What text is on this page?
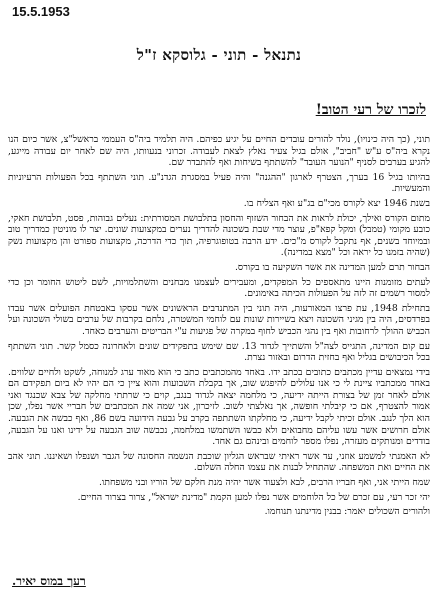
15.5.1953
נתנאל - תוני - גלוסקא ז"ל
לזכרו של רעי הטוב!

תוני, (כך היה כינויו), נולד להורים עובדים החיים על יגיע כפיהם. היה תלמיד ביה"ס העממי בראשל"צ, אשר כיום הנו נקרא ביה"ס ע"ש "חביב", אולם בגיל צעיר נאלץ לצאת לעבודה. זכרוני בנעוותו, היה שם לאחר יום עבודה מייגע, להגיע בערבים לסניף "הנוער העובד" להשתתף בשיחות ואף להתבדר שם.

בהיותו בגיל 16 בערך, הצטרף לארגון "ההגנה" והיה פעיל במסגרת הגדנ"ע. תוני השתתף בכל הפעולות הרעיוניות והמעשיות.

בשנת 1946 יצא לקורס מכי"ם בג"ע ואף הצליח בו.

מתום הקורס ואילך, יכולת לראות את הבחור השזוף והחסון בתלבושת המסורתית: נעלים גבוהות, פסט, תלבושת חאקי, כובע מקומי (טמבל) ומקל קפא"פ, עוצר מדי שבת בשכונה להדריך נערים במקצועות שונים. יצר לו מוניטין כמדריך טוב ובמיוחד בשנים, אף נתקבל לקורס מ"כים. ידע הרבה בטופוגרפיה, תוך כדי הדרכה, מקצועות ספורט והן מקצועות נשק (שהיה בזמנו כל יראה וכל "מצא במדינה).

הבחור תרם למען המדינה את אשר השקיעה בו בקורס.

לעתים מזומנות היינו מתאספים כל המפקדים, ומעבירים לעצמנו מבחנים והשתלמויות, לשם ליטוש החומר וכן כדי למסור רשמים זה לזה על הפעולות הכיתה באימונים.

בתחילת 1948, עת פרצו המאורעות, היה תוני בין המתנדבים הראשונים אשר עסקו באבטחת הפועלים אשר עבדו בפרדסים, היה בין מגיני השכונה ויצא בשיירות שונות עם לוחמי המשטרה, נלחם בקרבות של ערבים בשולי השכונה ועל הכביש ההולך לרחובות ואף בין נהגי הכביש לחוף במקרה של פגיעות ע"י הבריטים והערבים כאחד.

עם קום המדינה, התגייס לצה"ל והשתייך לגדוד 13. שם שימש בתפקידים שונים ולאחרונה כסמל קשר. תוני השתתף בכל הכיבושים בגליל ואף בחזית הדרום ובאזור נצרת.

בידי נמצאים עדיין מכתבים כתובים בכתב ידו. באחד מהמכתבים כתב כי הוא מאוד ערג למנוחה, לשקט ולחיים שלווים. באחד ממכתביו ציינת לי כי אנו עלולים להיפגש שוב, אך בקבלת השבועות והוא ציין כי הם יהיו לא ביום תפקידם הם אולם לאחר זמן של בצורת הייתה ידיעה, כי מלחמה יצאה לגדוד בנגב, קוים כי שרתתי מחלקה של צבא שכנגד ואני אמור להצטרף, אם כי קיבלתי חופשה, אך נאלצתי לשוב. לזיכרון, אני שמה את המכתבים של חבריי אשר נפלו, שכן הוא הלך לנגב. אולם זכיתי לקבל ידיעה, כי מחלקתו השתתפה בקרב על גבעה הידועה בשם 86, ואף כבשה את הגבעה. אולם חרושים אשר עשו עליהם מחבואים ולא כבשו השתמשו במלחמה, נכבשה שוב הגבעה על ידינו ואנו על הגבעה, בודדים ומנותקים מעזרה, נפלו מספר לוחמים ובינהם גם אחד.

לא האמנתי למשמע אוזני, עד אשר ראיתי שבראש הגליון שוכבת הנשמה החסונה של הגבר ושנפלו ושאיננו. תוני אהב את החיים ואת המשפחה. שהתחיל לבנות את עצמו החלה השלום.

שמח הייתי אני, ואף חבריו הרבים, לבא ולצעוד אשר יהיה מנת חלקם של הוריו ובני משפחתו.

יהי זכר רעי, עם זכרם של כל הלוחמים אשר נפלו למען הקמת "מדינת ישראל", צרור בצרור החיים.

ולהורים השכולים יאמר: בבנין מדינתנו תנוחמו.

רעך במוס יאיר.
